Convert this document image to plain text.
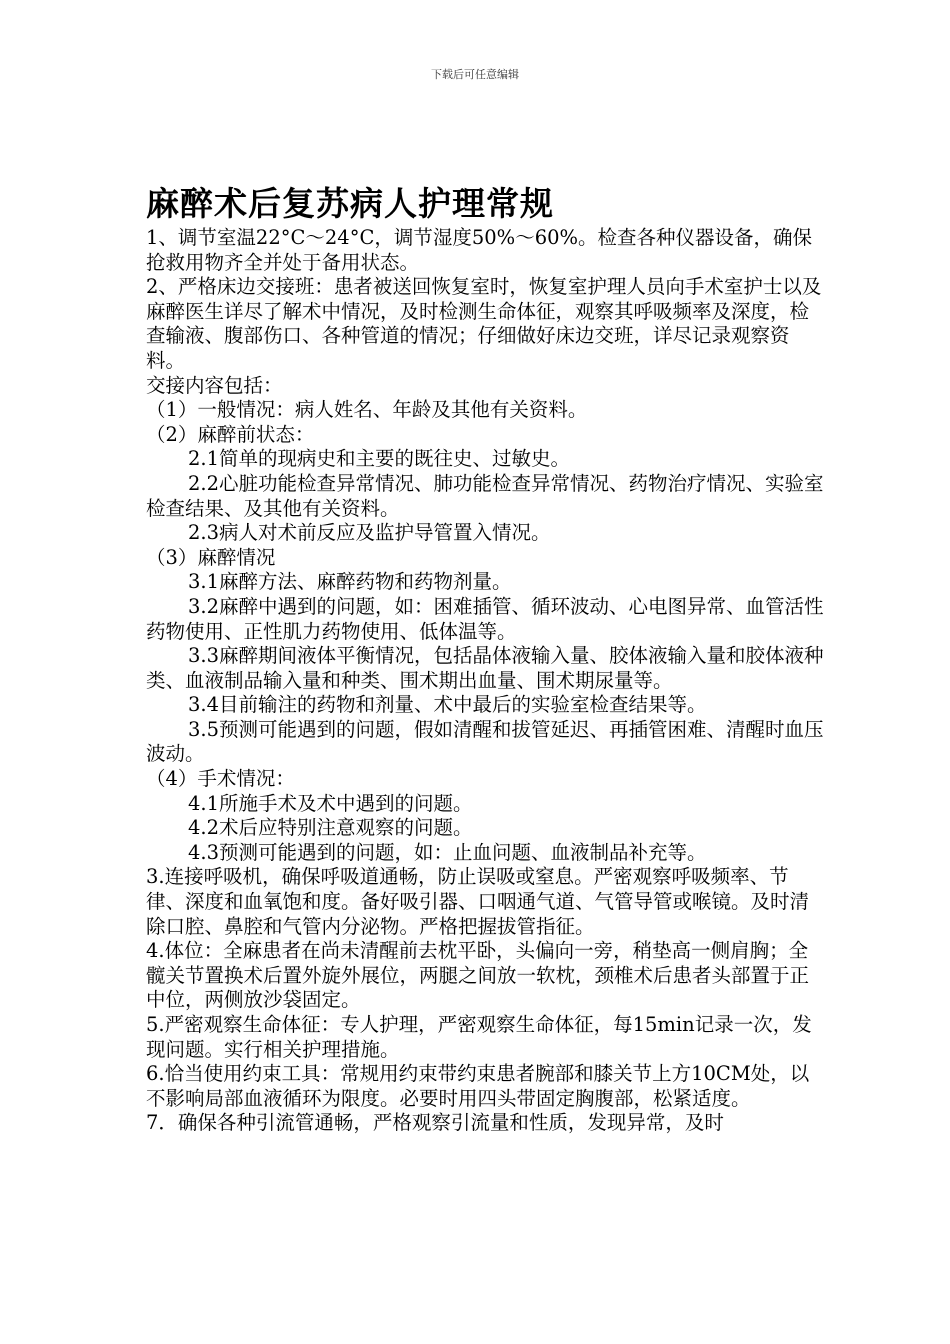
下载后可任意编辑
麻醉术后复苏病人护理常规

1、调节室温22°C～24°C，调节湿度50%～60%。检查各种仪器设备，确保抢救用物齐全并处于备用状态。

2、严格床边交接班：患者被送回恢复室时，恢复室护理人员向手术室护士以及麻醉医生详尽了解术中情况，及时检测生命体征，观察其呼吸频率及深度，检查输液、腹部伤口、各种管道的情况；仔细做好床边交班，详尽记录观察资料。

交接内容包括：

（1）一般情况：病人姓名、年龄及其他有关资料。

（2）麻醉前状态：

2.1简单的现病史和主要的既往史、过敏史。

2.2心脏功能检查异常情况、肺功能检查异常情况、药物治疗情况、实验室检查结果、及其他有关资料。

2.3病人对术前反应及监护导管置入情况。

（3）麻醉情况

3.1麻醉方法、麻醉药物和药物剂量。

3.2麻醉中遇到的问题，如：困难插管、循环波动、心电图异常、血管活性药物使用、正性肌力药物使用、低体温等。

3.3麻醉期间液体平衡情况，包括晶体液输入量、胶体液输入量和胶体液种类、血液制品输入量和种类、围术期出血量、围术期尿量等。

3.4目前输注的药物和剂量、术中最后的实验室检查结果等。

3.5预测可能遇到的问题，假如清醒和拔管延迟、再插管困难、清醒时血压波动。

（4）手术情况：

4.1所施手术及术中遇到的问题。

4.2术后应特别注意观察的问题。

4.3预测可能遇到的问题，如：止血问题、血液制品补充等。

3.连接呼吸机，确保呼吸道通畅，防止误吸或窒息。严密观察呼吸频率、节律、深度和血氧饱和度。备好吸引器、口咽通气道、气管导管或喉镜。及时清除口腔、鼻腔和气管内分泌物。严格把握拔管指征。

4.体位：全麻患者在尚未清醒前去枕平卧，头偏向一旁，稍垫高一侧肩胸；全髋关节置换术后置外旋外展位，两腿之间放一软枕，颈椎术后患者头部置于正中位，两侧放沙袋固定。

5.严密观察生命体征：专人护理，严密观察生命体征，每15min记录一次，发现问题。实行相关护理措施。

6.恰当使用约束工具：常规用约束带约束患者腕部和膝关节上方10CM处，以不影响局部血液循环为限度。必要时用四头带固定胸腹部，松紧适度。

7．确保各种引流管通畅，严格观察引流量和性质，发现异常，及时
